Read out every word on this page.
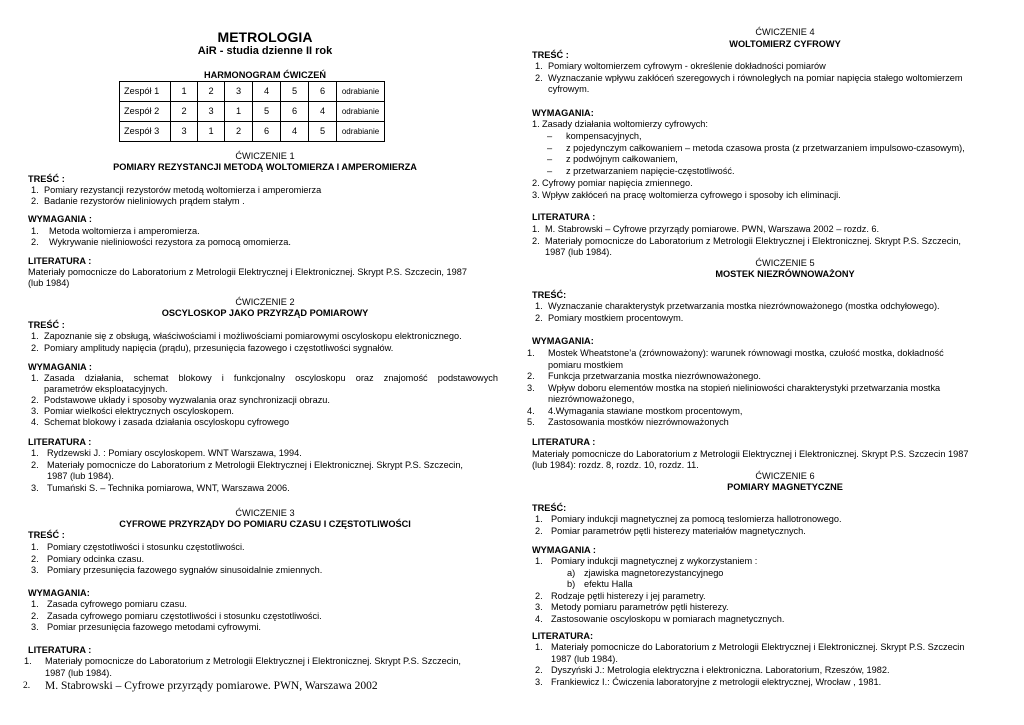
METROLOGIA
AiR - studia dzienne II rok
HARMONOGRAM ĆWICZEŃ
Zespół 1	1	2	3	4	5	6	odrabianie
Zespół 2	2	3	1	5	6	4	odrabianie
Zespół 3	3	1	2	6	4	5	odrabianie
ĆWICZENIE 1
POMIARY REZYSTANCJI METODĄ WOLTOMIERZA I AMPEROMIERZA
TREŚĆ :
1. Pomiary rezystancji rezystorów metodą woltomierza i amperomierza
2. Badanie rezystorów nieliniowych prądem stałym .
WYMAGANIA :
1.	Metoda woltomierza i amperomierza.
2.	Wykrywanie nieliniowości rezystora za pomocą omomierza.
LITERATURA :
Materiały pomocnicze do Laboratorium z Metrologii Elektrycznej i Elektronicznej. Skrypt P.S. Szczecin, 1987
(lub 1984)
ĆWICZENIE 2
OSCYLOSKOP JAKO PRZYRZĄD POMIAROWY
TREŚĆ :
1. Zapoznanie się z obsługą, właściwościami i możliwościami pomiarowymi oscyloskopu elektronicznego.
2. Pomiary amplitudy napięcia (prądu), przesunięcia fazowego i częstotliwości sygnałów.
WYMAGANIA :
1. Zasada działania, schemat blokowy i funkcjonalny oscyloskopu oraz znajomość podstawowych
parametrów eksploatacyjnych.
2. Podstawowe układy i sposoby wyzwalania oraz synchronizacji obrazu.
3. Pomiar wielkości elektrycznych oscyloskopem.
4. Schemat blokowy i zasada działania oscyloskopu cyfrowego
LITERATURA :
1. Rydzewski J. : Pomiary oscyloskopem. WNT Warszawa, 1994.
2. Materiały pomocnicze do Laboratorium z Metrologii Elektrycznej i Elektronicznej. Skrypt P.S. Szczecin,
1987 (lub 1984).
3. Tumański S. – Technika pomiarowa, WNT, Warszawa 2006.
ĆWICZENIE 3
CYFROWE PRZYRZĄDY DO POMIARU CZASU I CZĘSTOTLIWOŚCI
TREŚĆ :
1. Pomiary częstotliwości i stosunku częstotliwości.
2. Pomiary odcinka czasu.
3. Pomiary przesunięcia fazowego sygnałów sinusoidalnie zmiennych.
WYMAGANIA:
1. Zasada cyfrowego pomiaru czasu.
2. Zasada cyfrowego pomiaru częstotliwości i stosunku częstotliwości.
3. Pomiar przesunięcia fazowego metodami cyfrowymi.
LITERATURA :
1.	Materiały pomocnicze do Laboratorium z Metrologii Elektrycznej i Elektronicznej. Skrypt P.S. Szczecin,
1987 (lub 1984).
2. M. Stabrowski – Cyfrowe przyrządy pomiarowe. PWN, Warszawa 2002
ĆWICZENIE 4
WOLTOMIERZ CYFROWY
TREŚĆ :
1. Pomiary woltomierzem cyfrowym - określenie dokładności pomiarów
2. Wyznaczanie wpływu zakłóceń szeregowych i równoległych na pomiar napięcia stałego woltomierzem
cyfrowym.
WYMAGANIA:
1. Zasady działania woltomierzy cyfrowych:
–	kompensacyjnych,
–	z pojedynczym całkowaniem – metoda czasowa prosta (z przetwarzaniem impulsowo-czasowym),
–	z podwójnym całkowaniem,
–	z przetwarzaniem napięcie-częstotliwość.
2. Cyfrowy pomiar napięcia zmiennego.
3. Wpływ zakłóceń na pracę woltomierza cyfrowego i sposoby ich eliminacji.
LITERATURA :
1. M. Stabrowski – Cyfrowe przyrządy pomiarowe. PWN, Warszawa 2002 – rozdz. 6.
2. Materiały pomocnicze do Laboratorium z Metrologii Elektrycznej i Elektronicznej. Skrypt P.S. Szczecin,
1987 (lub 1984).
ĆWICZENIE 5
MOSTEK NIEZRÓWNOWAŻONY
TREŚĆ:
1. Wyznaczanie charakterystyk przetwarzania mostka niezrównoważonego (mostka odchyłowego).
2. Pomiary mostkiem procentowym.
WYMAGANIA:
1.	Mostek Wheatstone’a (zrównoważony): warunek równowagi mostka, czułość mostka, dokładność
pomiaru mostkiem
2.	Funkcja przetwarzania mostka niezrównoważonego.
3.	Wpływ doboru elementów mostka na stopień nieliniowości charakterystyki przetwarzania mostka
niezrównoważonego,
4.	4.Wymagania stawiane mostkom procentowym,
5.	Zastosowania mostków niezrównoważonych
LITERATURA :
Materiały pomocnicze do Laboratorium z Metrologii Elektrycznej i Elektronicznej. Skrypt P.S. Szczecin 1987
(lub 1984): rozdz. 8, rozdz. 10, rozdz. 11.
ĆWICZENIE 6
POMIARY MAGNETYCZNE
TREŚĆ:
1. Pomiary indukcji magnetycznej za pomocą teslomierza hallotronowego.
2. Pomiar parametrów pętli histerezy materiałów magnetycznych.
WYMAGANIA :
1. Pomiary indukcji magnetycznej z wykorzystaniem :
a) zjawiska magnetorezystancyjnego
b) efektu Halla
2. Rodzaje pętli histerezy i jej parametry.
3. Metody pomiaru parametrów pętli histerezy.
4. Zastosowanie oscyloskopu w pomiarach magnetycznych.
LITERATURA:
1. Materiały pomocnicze do Laboratorium z Metrologii Elektrycznej i Elektronicznej. Skrypt P.S. Szczecin
1987 (lub 1984).
2. Dyszyński J.: Metrologia elektryczna i elektroniczna. Laboratorium, Rzeszów, 1982.
3. Frankiewicz I.: Ćwiczenia laboratoryjne z metrologii elektrycznej, Wrocław , 1981.
